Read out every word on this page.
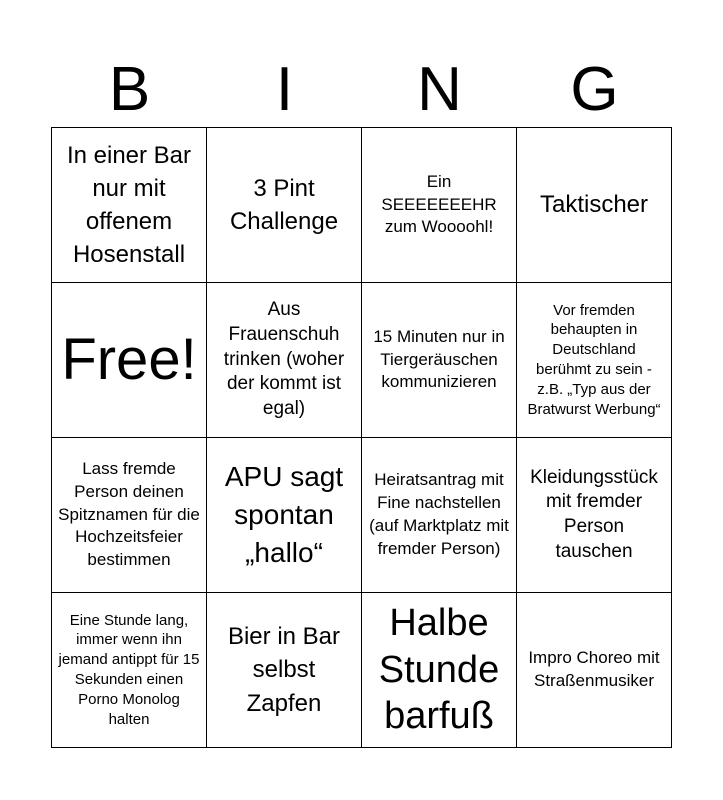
B	I	N	G
In einer Bar nur mit offenem Hosenstall
3 Pint Challenge
Ein SEEEEEEEHR zum Woooohl!
Taktischer
Free!
Aus Frauenschuh trinken (woher der kommt ist egal)
15 Minuten nur in Tiergeräuschen kommunizieren
Vor fremden behaupten in Deutschland berühmt zu sein - z.B. „Typ aus der Bratwurst Werbung“
Lass fremde Person deinen Spitznamen für die Hochzeitsfeier bestimmen
APU sagt spontan „hallo“
Heiratsantrag mit Fine nachstellen (auf Marktplatz mit fremder Person)
Kleidungsstück mit fremder Person tauschen
Eine Stunde lang, immer wenn ihn jemand antippt für 15 Sekunden einen Porno Monolog halten
Bier in Bar selbst Zapfen
Halbe Stunde barfuß
Impro Choreo mit Straßenmusiker
